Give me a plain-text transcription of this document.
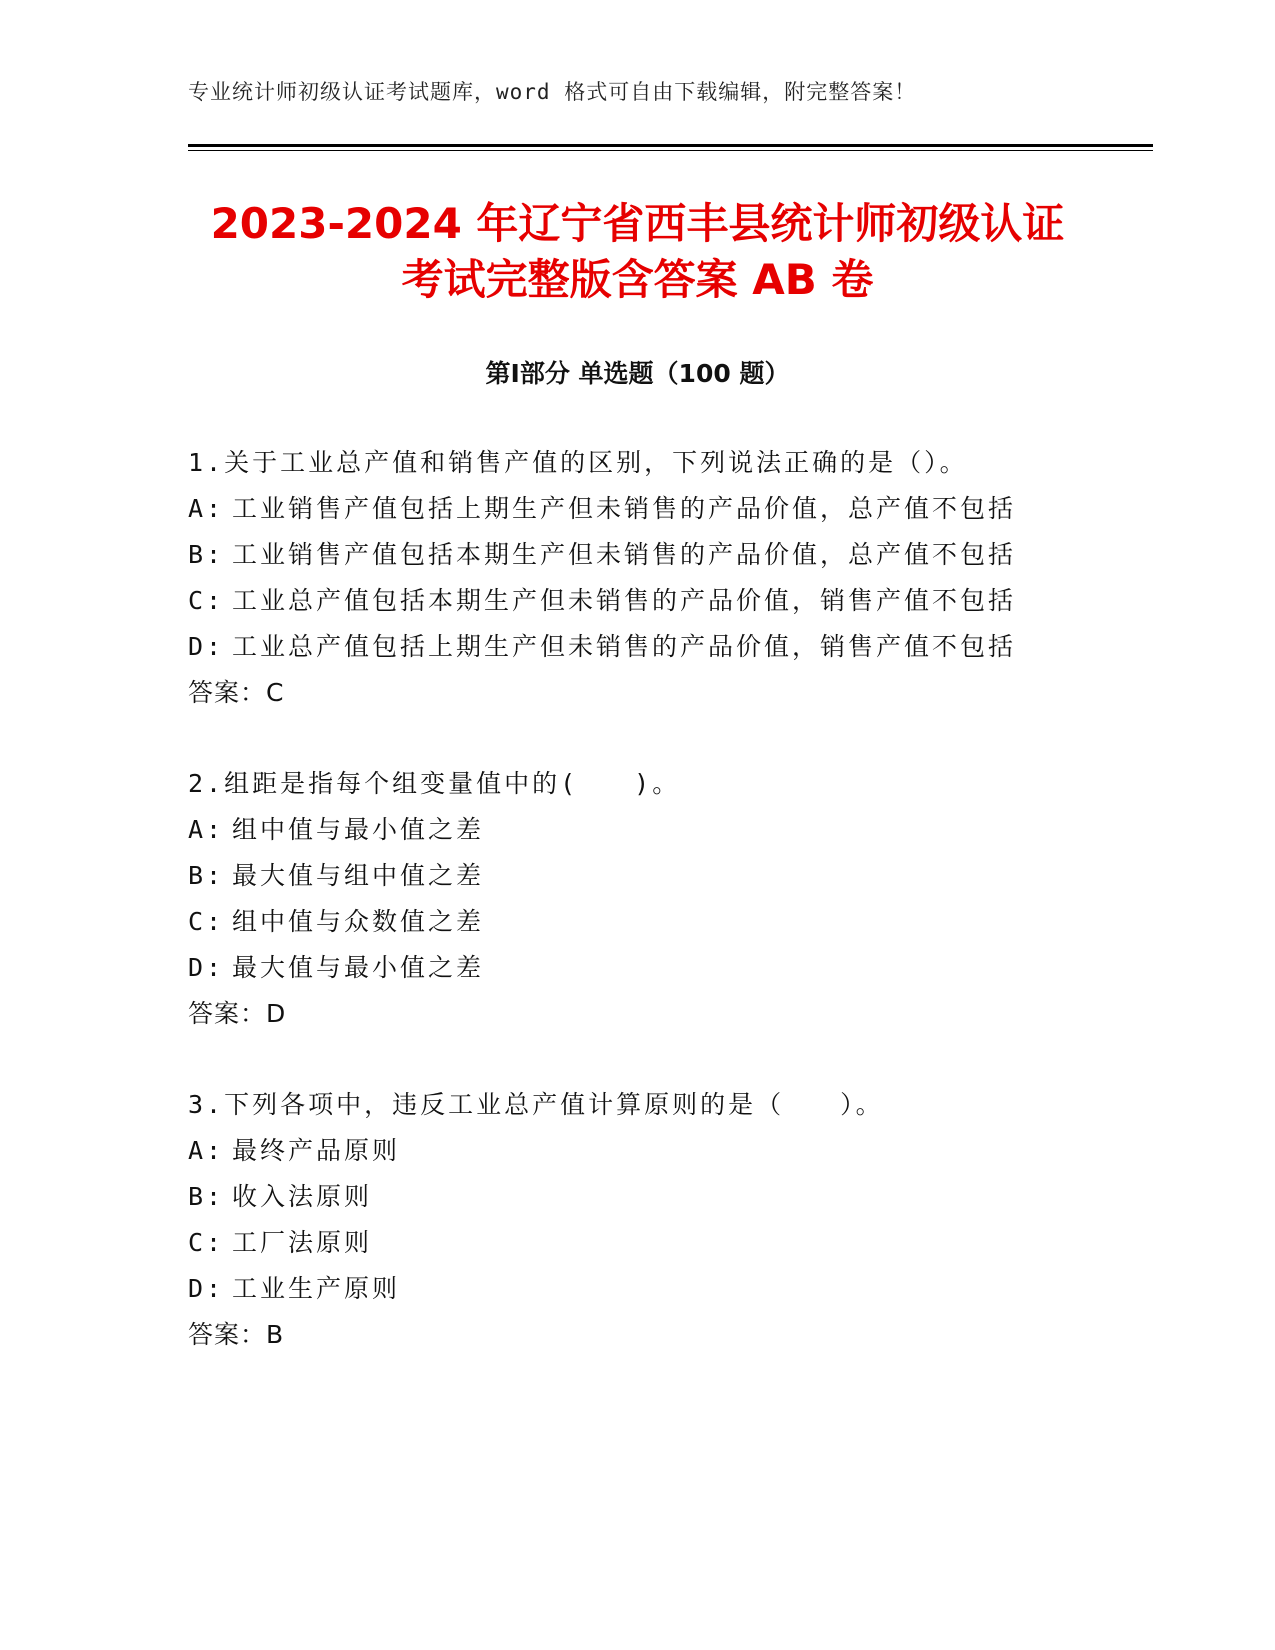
专业统计师初级认证考试题库，word 格式可自由下载编辑，附完整答案！
2023-2024 年辽宁省西丰县统计师初级认证
考试完整版含答案 AB 卷
第Ⅰ部分 单选题（100 题）
1.关于工业总产值和销售产值的区别，下列说法正确的是（）。
A: 工业销售产值包括上期生产但未销售的产品价值，总产值不包括
B: 工业销售产值包括本期生产但未销售的产品价值，总产值不包括
C: 工业总产值包括本期生产但未销售的产品价值，销售产值不包括
D: 工业总产值包括上期生产但未销售的产品价值，销售产值不包括
答案：C
2.组距是指每个组变量值中的(　　)。
A: 组中值与最小值之差
B: 最大值与组中值之差
C: 组中值与众数值之差
D: 最大值与最小值之差
答案：D
3.下列各项中，违反工业总产值计算原则的是（　　）。
A: 最终产品原则
B: 收入法原则
C: 工厂法原则
D: 工业生产原则
答案：B
